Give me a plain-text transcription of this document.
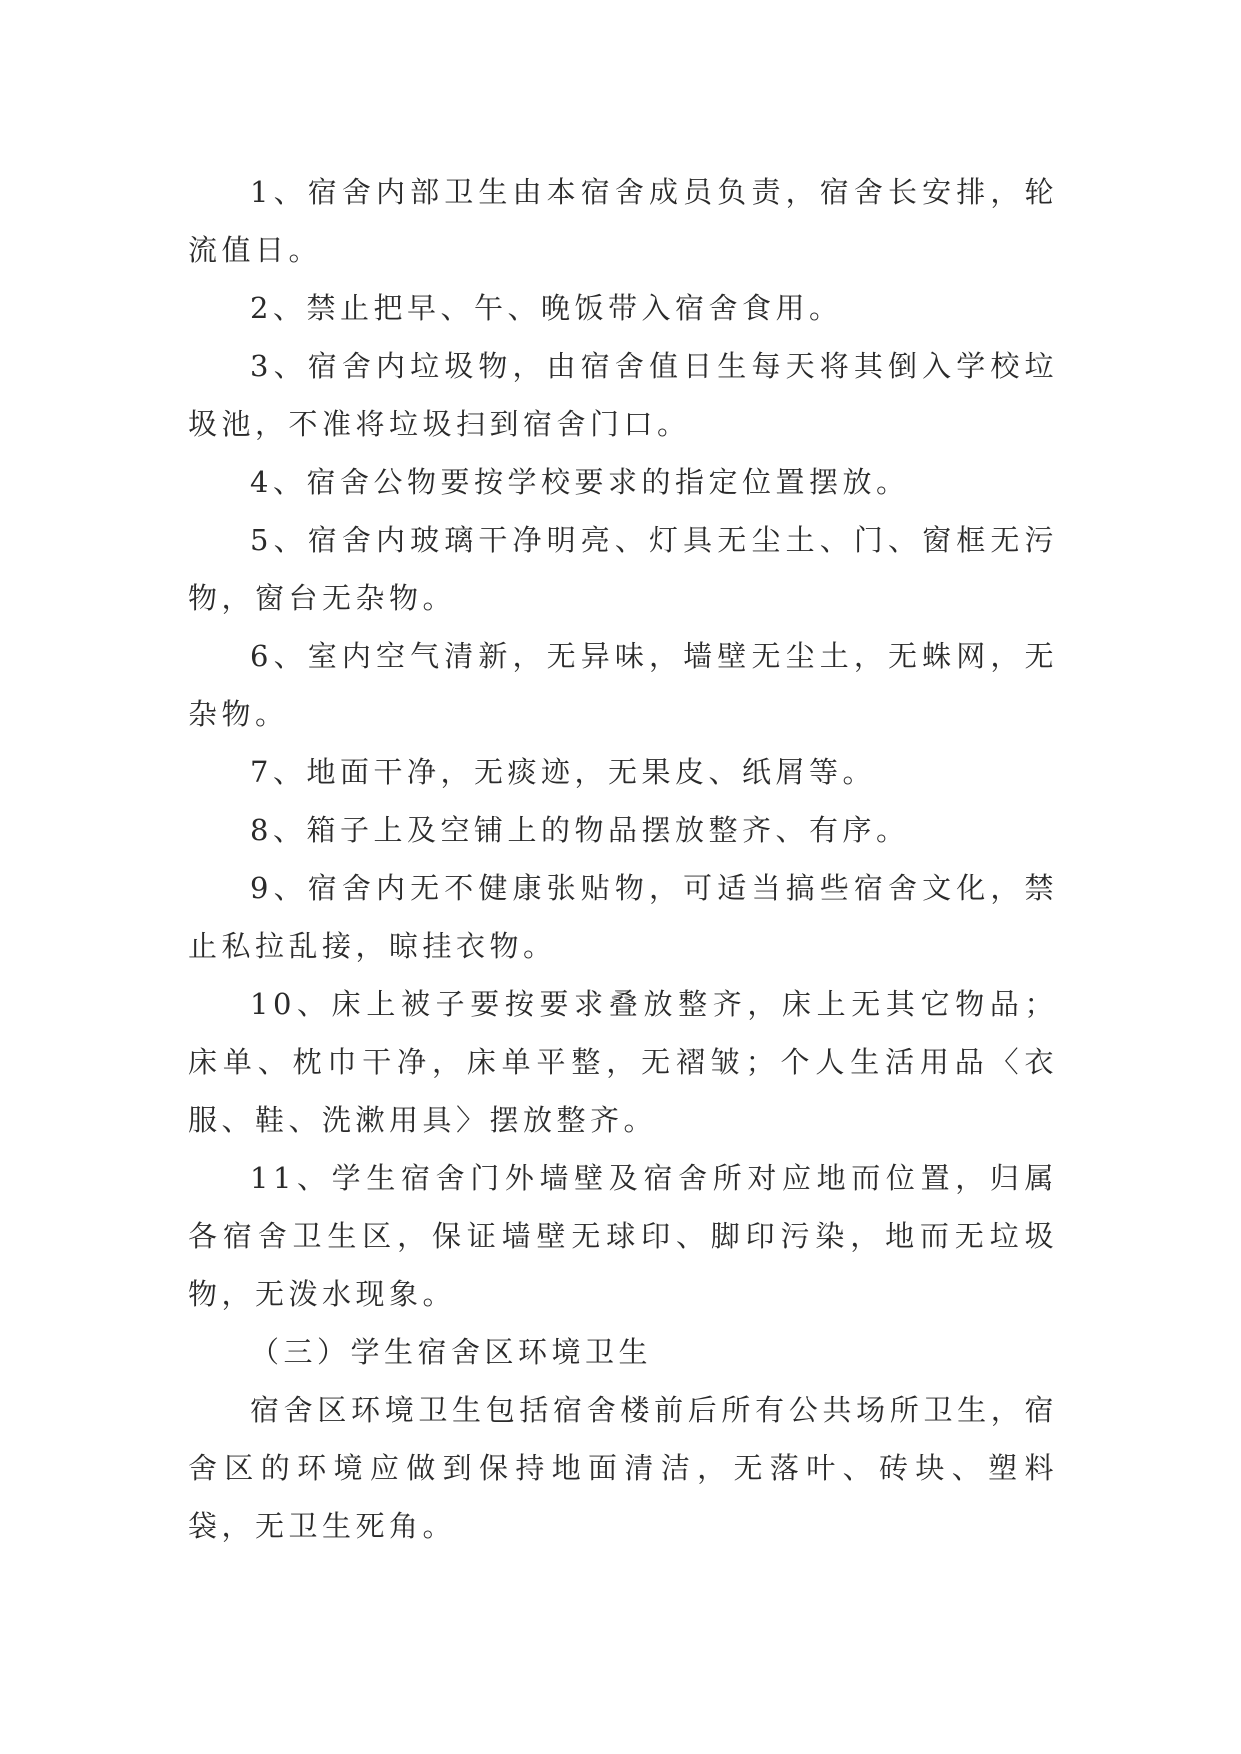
1、宿舍内部卫生由本宿舍成员负责，宿舍长安排，轮流值日。

2、禁止把早、午、晚饭带入宿舍食用。

3、宿舍内垃圾物，由宿舍值日生每天将其倒入学校垃圾池，不准将垃圾扫到宿舍门口。

4、宿舍公物要按学校要求的指定位置摆放。

5、宿舍内玻璃干净明亮、灯具无尘土、门、窗框无污物，窗台无杂物。

6、室内空气清新，无异味，墙壁无尘土，无蛛网，无杂物。

7、地面干净，无痰迹，无果皮、纸屑等。

8、箱子上及空铺上的物品摆放整齐、有序。

9、宿舍内无不健康张贴物，可适当搞些宿舍文化，禁止私拉乱接，晾挂衣物。

10、床上被子要按要求叠放整齐，床上无其它物品；床单、枕巾干净，床单平整，无褶皱；个人生活用品〈衣服、鞋、洗漱用具〉摆放整齐。

11、学生宿舍门外墙壁及宿舍所对应地而位置，归属各宿舍卫生区，保证墙壁无球印、脚印污染，地而无垃圾物，无泼水现象。

（三）学生宿舍区环境卫生

宿舍区环境卫生包括宿舍楼前后所有公共场所卫生，宿舍区的环境应做到保持地面清洁，无落叶、砖块、塑料袋，无卫生死角。
